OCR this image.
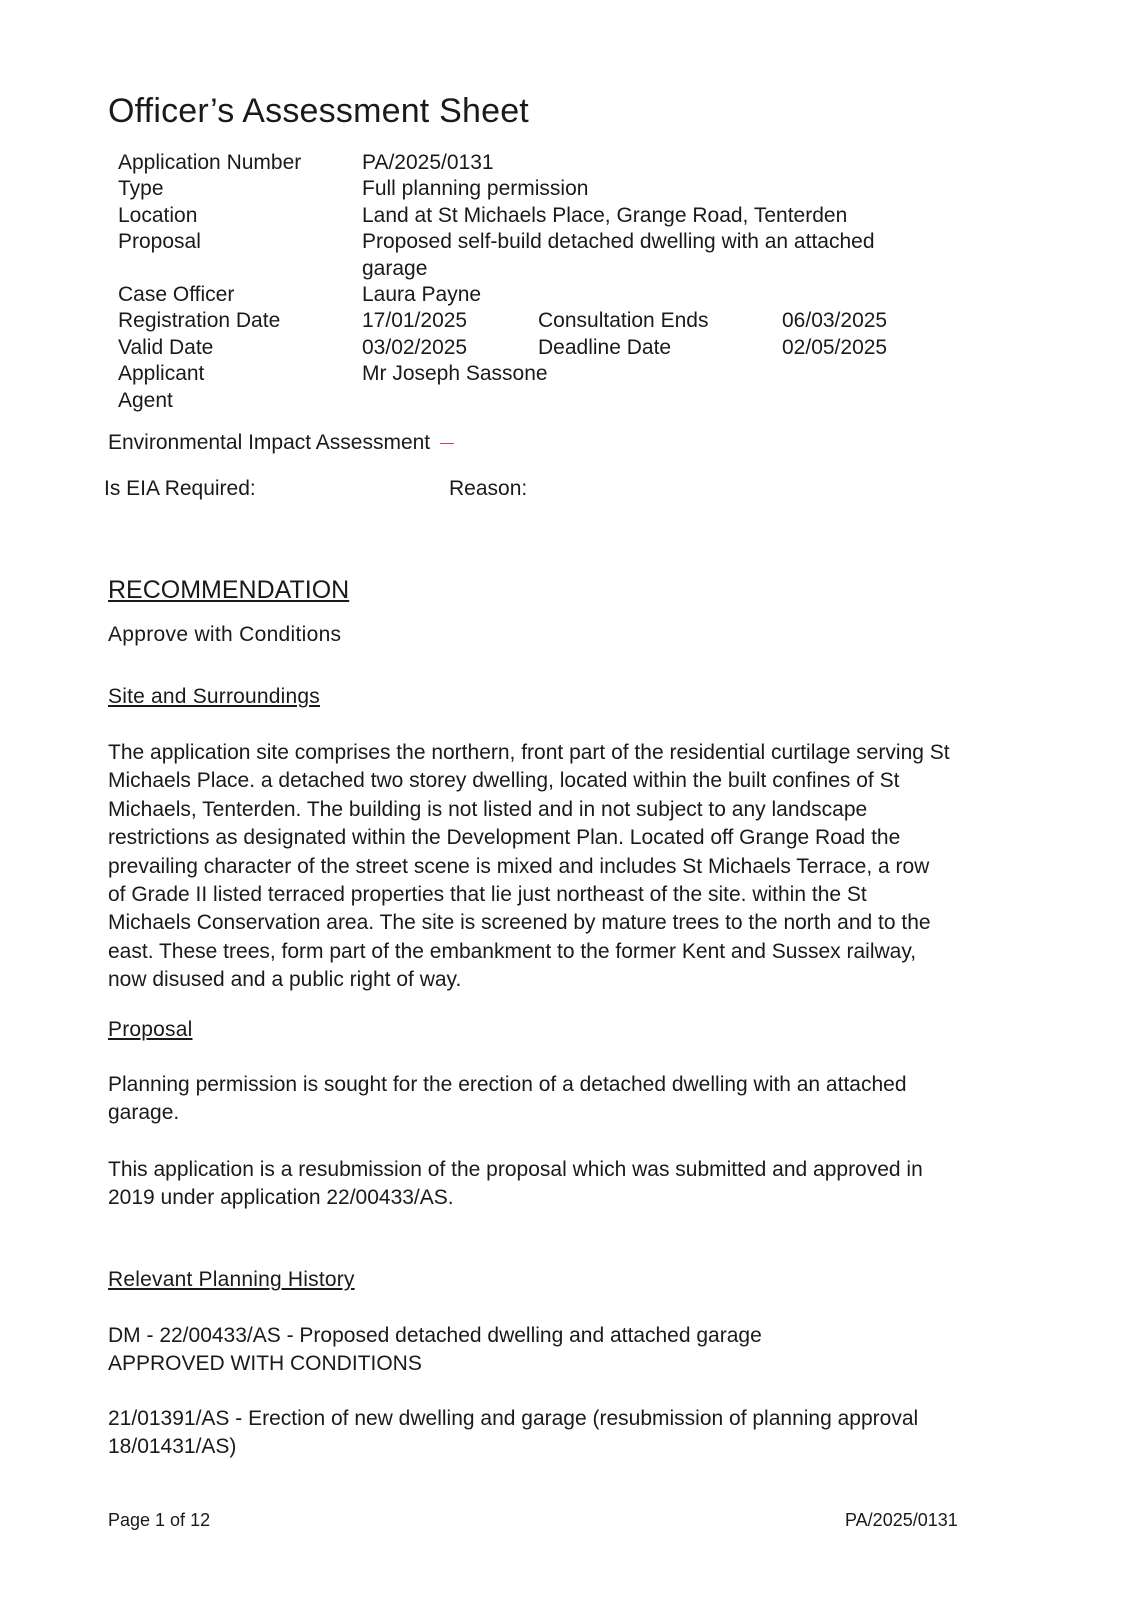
Officer’s Assessment Sheet
Application Number	PA/2025/0131		
Type	Full planning permission		
Location	Land at St Michaels Place, Grange Road, Tenterden		
Proposal	Proposed self-build detached dwelling with an attached
garage		
Case Officer	Laura Payne		
Registration Date	17/01/2025	Consultation Ends	06/03/2025
Valid Date	03/02/2025	Deadline Date	02/05/2025
Applicant	Mr Joseph Sassone		
Agent			
Environmental Impact Assessment
Is EIA Required:	Reason:
RECOMMENDATION
Approve with Conditions
Site and Surroundings

The application site comprises the northern, front part of the residential curtilage serving St
Michaels Place. a detached two storey dwelling, located within the built confines of St
Michaels, Tenterden. The building is not listed and in not subject to any landscape
restrictions as designated within the Development Plan. Located off Grange Road the
prevailing character of the street scene is mixed and includes St Michaels Terrace, a row
of Grade II listed terraced properties that lie just northeast of the site. within the St
Michaels Conservation area. The site is screened by mature trees to the north and to the
east. These trees, form part of the embankment to the former Kent and Sussex railway,
now disused and a public right of way.

Proposal

Planning permission is sought for the erection of a detached dwelling with an attached
garage.

This application is a resubmission of the proposal which was submitted and approved in
2019 under application 22/00433/AS.

Relevant Planning History

DM - 22/00433/AS - Proposed detached dwelling and attached garage
APPROVED WITH CONDITIONS

21/01391/AS - Erection of new dwelling and garage (resubmission of planning approval
18/01431/AS)

Page 1 of 12	PA/2025/0131
